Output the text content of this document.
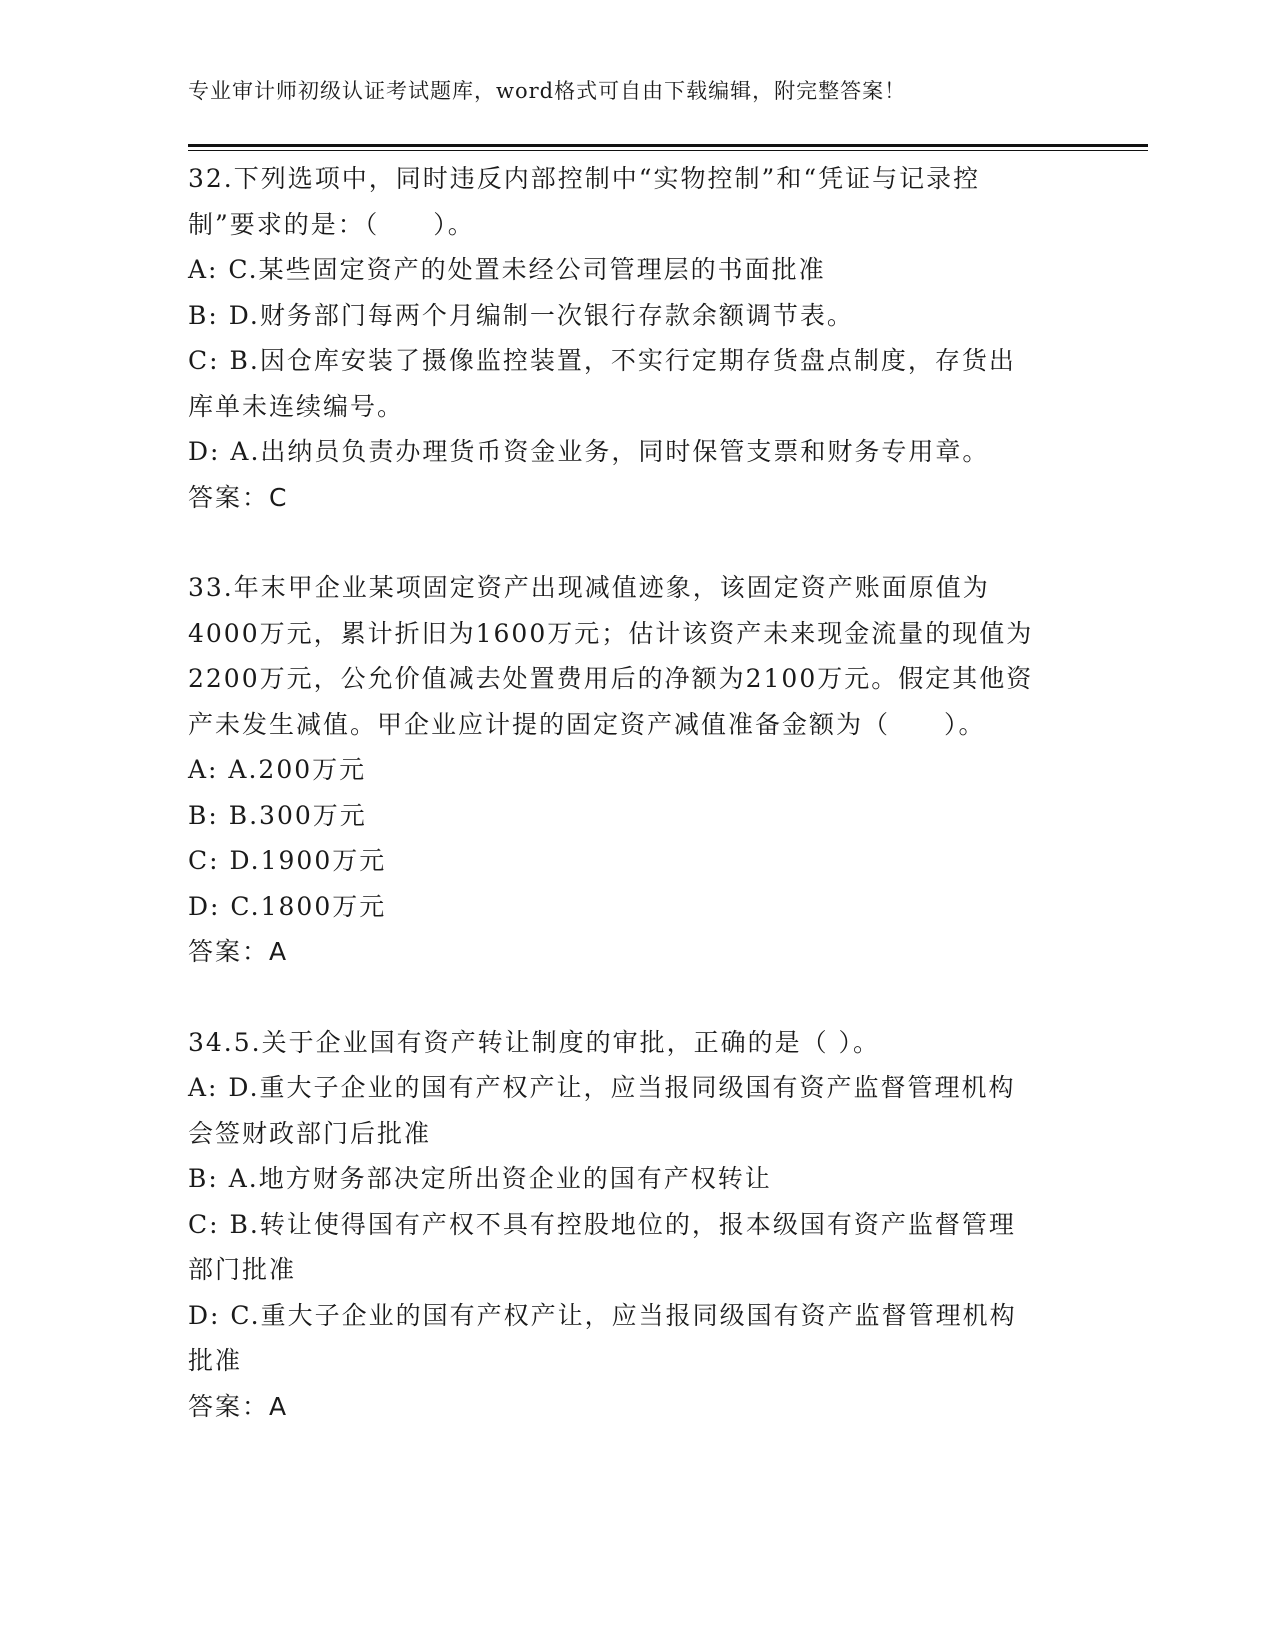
专业审计师初级认证考试题库，word格式可自由下载编辑，附完整答案！
32.下列选项中，同时违反内部控制中“实物控制”和“凭证与记录控
制”要求的是：（　　）。
A: C.某些固定资产的处置未经公司管理层的书面批准
B: D.财务部门每两个月编制一次银行存款余额调节表。
C: B.因仓库安装了摄像监控装置，不实行定期存货盘点制度，存货出
库单未连续编号。
D: A.出纳员负责办理货币资金业务，同时保管支票和财务专用章。
答案：C
33.年末甲企业某项固定资产出现减值迹象，该固定资产账面原值为
4000万元，累计折旧为1600万元；估计该资产未来现金流量的现值为
2200万元，公允价值减去处置费用后的净额为2100万元。假定其他资
产未发生减值。甲企业应计提的固定资产减值准备金额为（　　）。
A: A.200万元
B: B.300万元
C: D.1900万元
D: C.1800万元
答案：A
34.5.关于企业国有资产转让制度的审批，正确的是（ ）。
A: D.重大子企业的国有产权产让，应当报同级国有资产监督管理机构
会签财政部门后批准
B: A.地方财务部决定所出资企业的国有产权转让
C: B.转让使得国有产权不具有控股地位的，报本级国有资产监督管理
部门批准
D: C.重大子企业的国有产权产让，应当报同级国有资产监督管理机构
批准
答案：A
